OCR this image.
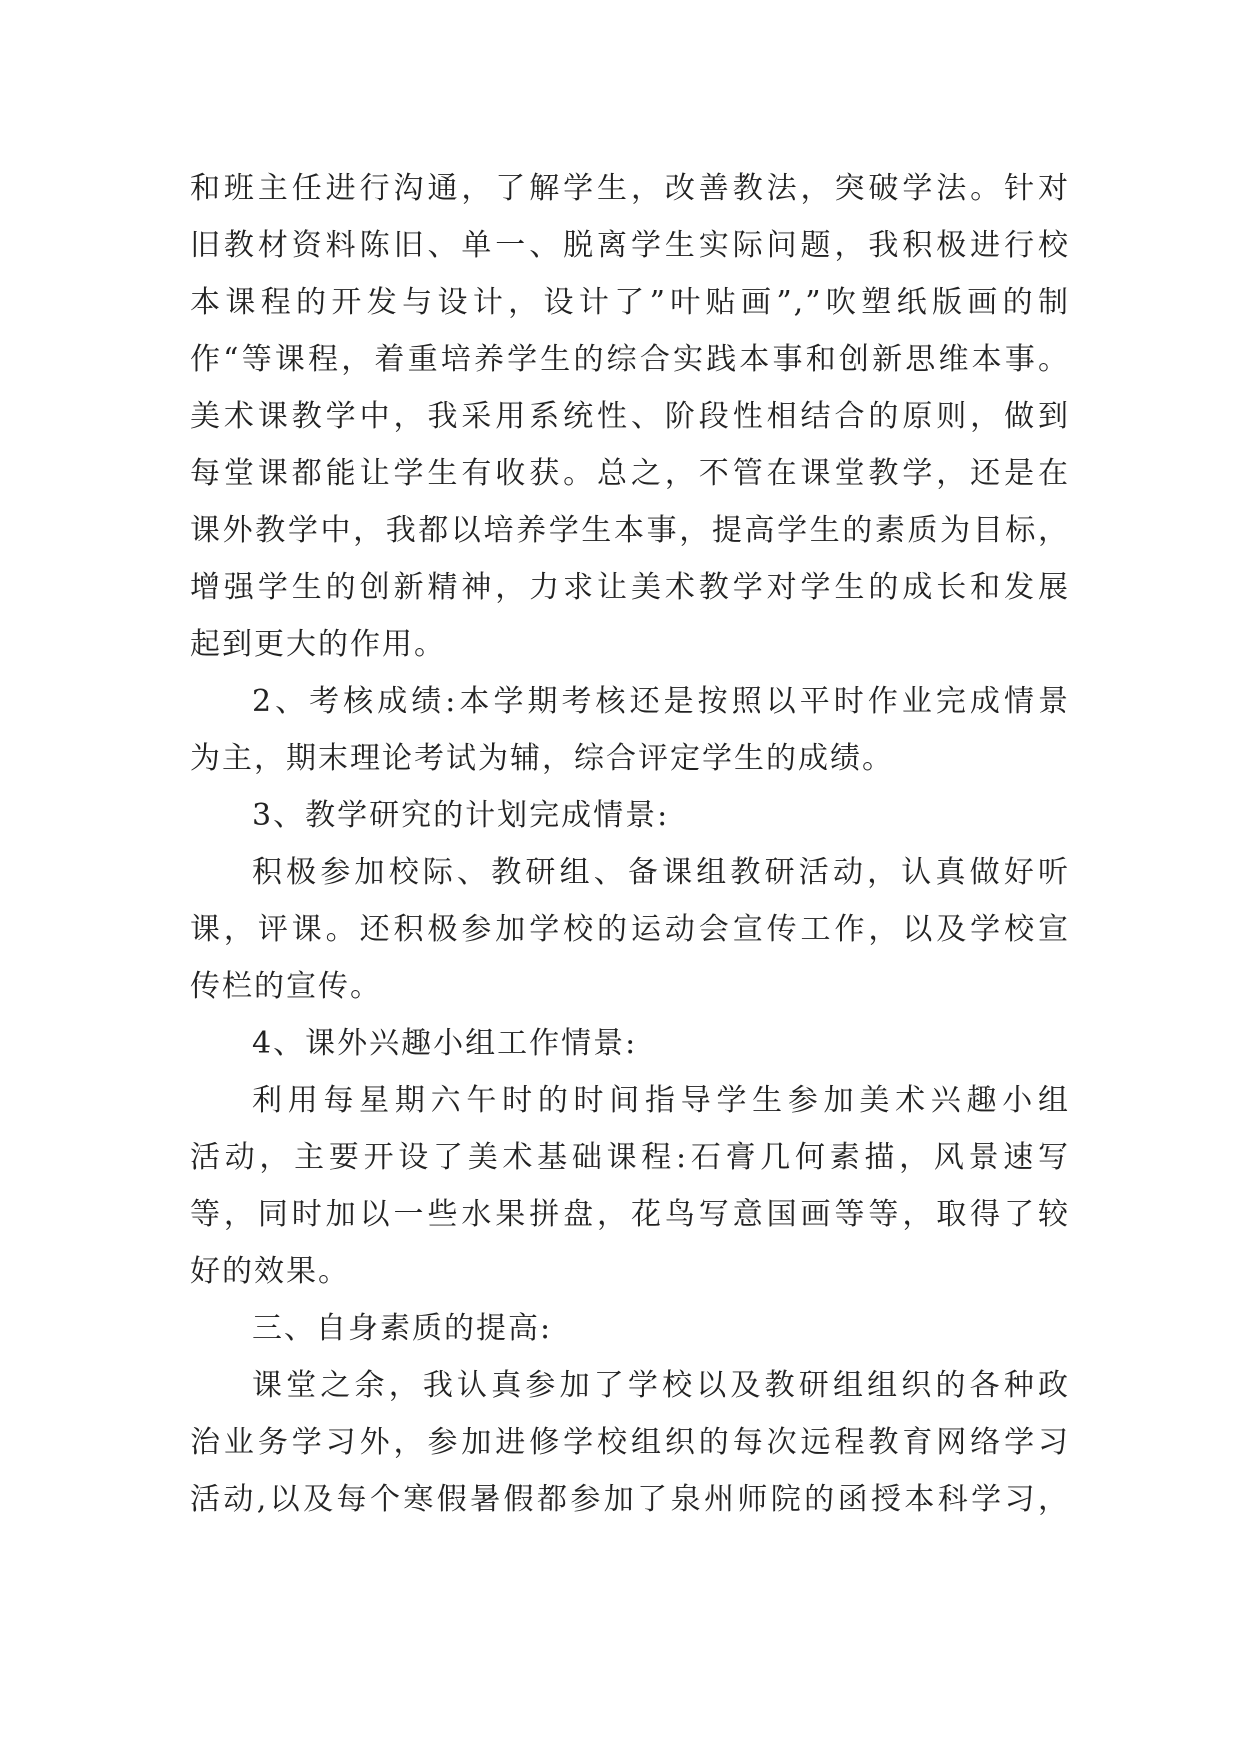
和班主任进行沟通，了解学生，改善教法，突破学法。针对
旧教材资料陈旧、单一、脱离学生实际问题，我积极进行校
本课程的开发与设计，设计了”叶贴画”,”吹塑纸版画的制
作“等课程，着重培养学生的综合实践本事和创新思维本事。
美术课教学中，我采用系统性、阶段性相结合的原则，做到
每堂课都能让学生有收获。总之，不管在课堂教学，还是在
课外教学中，我都以培养学生本事，提高学生的素质为目标，
增强学生的创新精神，力求让美术教学对学生的成长和发展
起到更大的作用。
2、考核成绩:本学期考核还是按照以平时作业完成情景
为主，期末理论考试为辅，综合评定学生的成绩。
3、教学研究的计划完成情景:
积极参加校际、教研组、备课组教研活动，认真做好听
课，评课。还积极参加学校的运动会宣传工作，以及学校宣
传栏的宣传。
4、课外兴趣小组工作情景:
利用每星期六午时的时间指导学生参加美术兴趣小组
活动，主要开设了美术基础课程:石膏几何素描，风景速写
等，同时加以一些水果拼盘，花鸟写意国画等等，取得了较
好的效果。
三、自身素质的提高:
课堂之余，我认真参加了学校以及教研组组织的各种政
治业务学习外，参加进修学校组织的每次远程教育网络学习
活动,以及每个寒假暑假都参加了泉州师院的函授本科学习，
